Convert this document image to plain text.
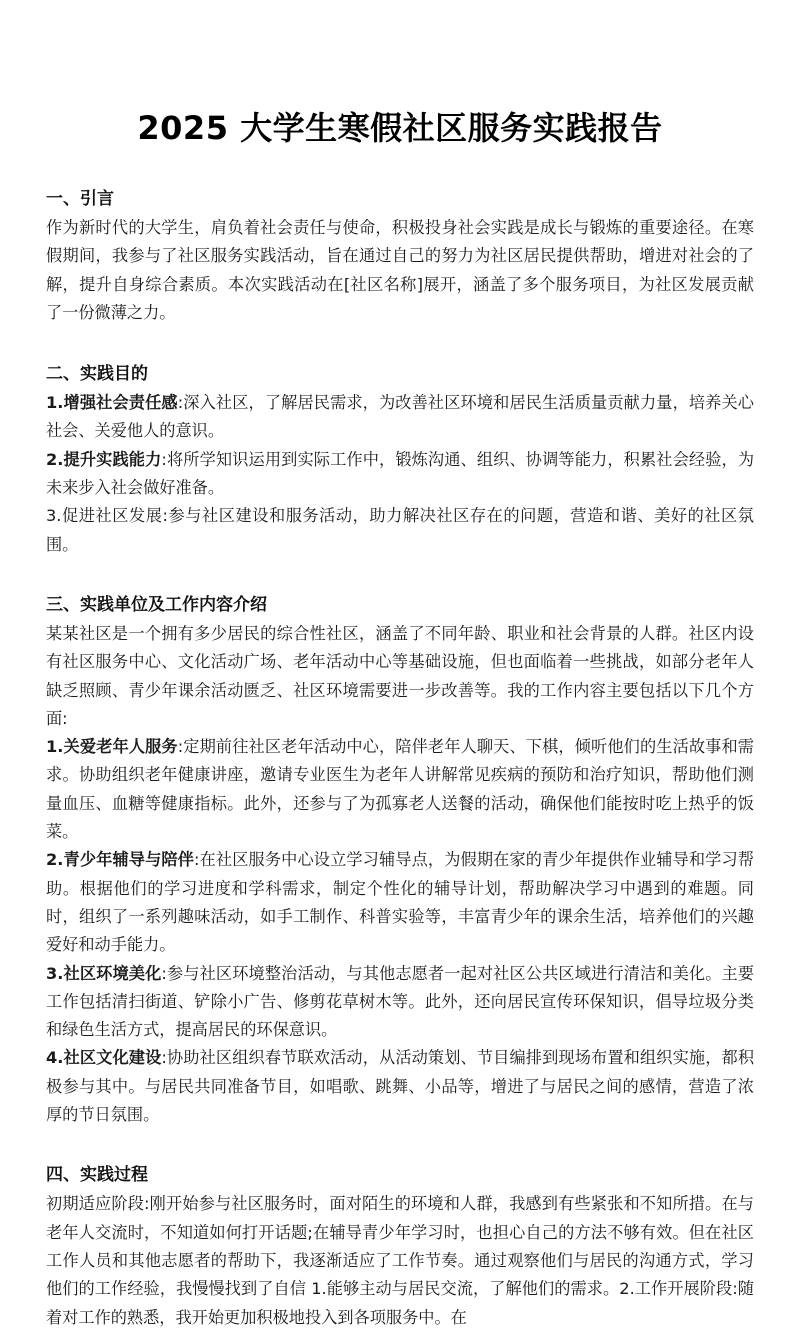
2025 大学生寒假社区服务实践报告
一、引言

作为新时代的大学生，肩负着社会责任与使命，积极投身社会实践是成长与锻炼的重要途径。在寒假期间，我参与了社区服务实践活动，旨在通过自己的努力为社区居民提供帮助，增进对社会的了解，提升自身综合素质。本次实践活动在[社区名称]展开，涵盖了多个服务项目，为社区发展贡献了一份微薄之力。

二、实践目的

1.增强社会责任感:深入社区，了解居民需求，为改善社区环境和居民生活质量贡献力量，培养关心社会、关爱他人的意识。

2.提升实践能力:将所学知识运用到实际工作中，锻炼沟通、组织、协调等能力，积累社会经验，为未来步入社会做好准备。

3.促进社区发展:参与社区建设和服务活动，助力解决社区存在的问题，营造和谐、美好的社区氛围。

三、实践单位及工作内容介绍

某某社区是一个拥有多少居民的综合性社区，涵盖了不同年龄、职业和社会背景的人群。社区内设有社区服务中心、文化活动广场、老年活动中心等基础设施，但也面临着一些挑战，如部分老年人缺乏照顾、青少年课余活动匮乏、社区环境需要进一步改善等。我的工作内容主要包括以下几个方面:

1.关爱老年人服务:定期前往社区老年活动中心，陪伴老年人聊天、下棋，倾听他们的生活故事和需求。协助组织老年健康讲座，邀请专业医生为老年人讲解常见疾病的预防和治疗知识，帮助他们测量血压、血糖等健康指标。此外，还参与了为孤寡老人送餐的活动，确保他们能按时吃上热乎的饭菜。

2.青少年辅导与陪伴:在社区服务中心设立学习辅导点，为假期在家的青少年提供作业辅导和学习帮助。根据他们的学习进度和学科需求，制定个性化的辅导计划，帮助解决学习中遇到的难题。同时，组织了一系列趣味活动，如手工制作、科普实验等，丰富青少年的课余生活，培养他们的兴趣爱好和动手能力。

3.社区环境美化:参与社区环境整治活动，与其他志愿者一起对社区公共区域进行清洁和美化。主要工作包括清扫街道、铲除小广告、修剪花草树木等。此外，还向居民宣传环保知识，倡导垃圾分类和绿色生活方式，提高居民的环保意识。

4.社区文化建设:协助社区组织春节联欢活动，从活动策划、节目编排到现场布置和组织实施，都积极参与其中。与居民共同准备节目，如唱歌、跳舞、小品等，增进了与居民之间的感情，营造了浓厚的节日氛围。

四、实践过程

初期适应阶段:刚开始参与社区服务时，面对陌生的环境和人群，我感到有些紧张和不知所措。在与老年人交流时，不知道如何打开话题;在辅导青少年学习时，也担心自己的方法不够有效。但在社区工作人员和其他志愿者的帮助下，我逐渐适应了工作节奏。通过观察他们与居民的沟通方式，学习他们的工作经验，我慢慢找到了自信 1.能够主动与居民交流，了解他们的需求。2.工作开展阶段:随着对工作的熟悉，我开始更加积极地投入到各项服务中。在
